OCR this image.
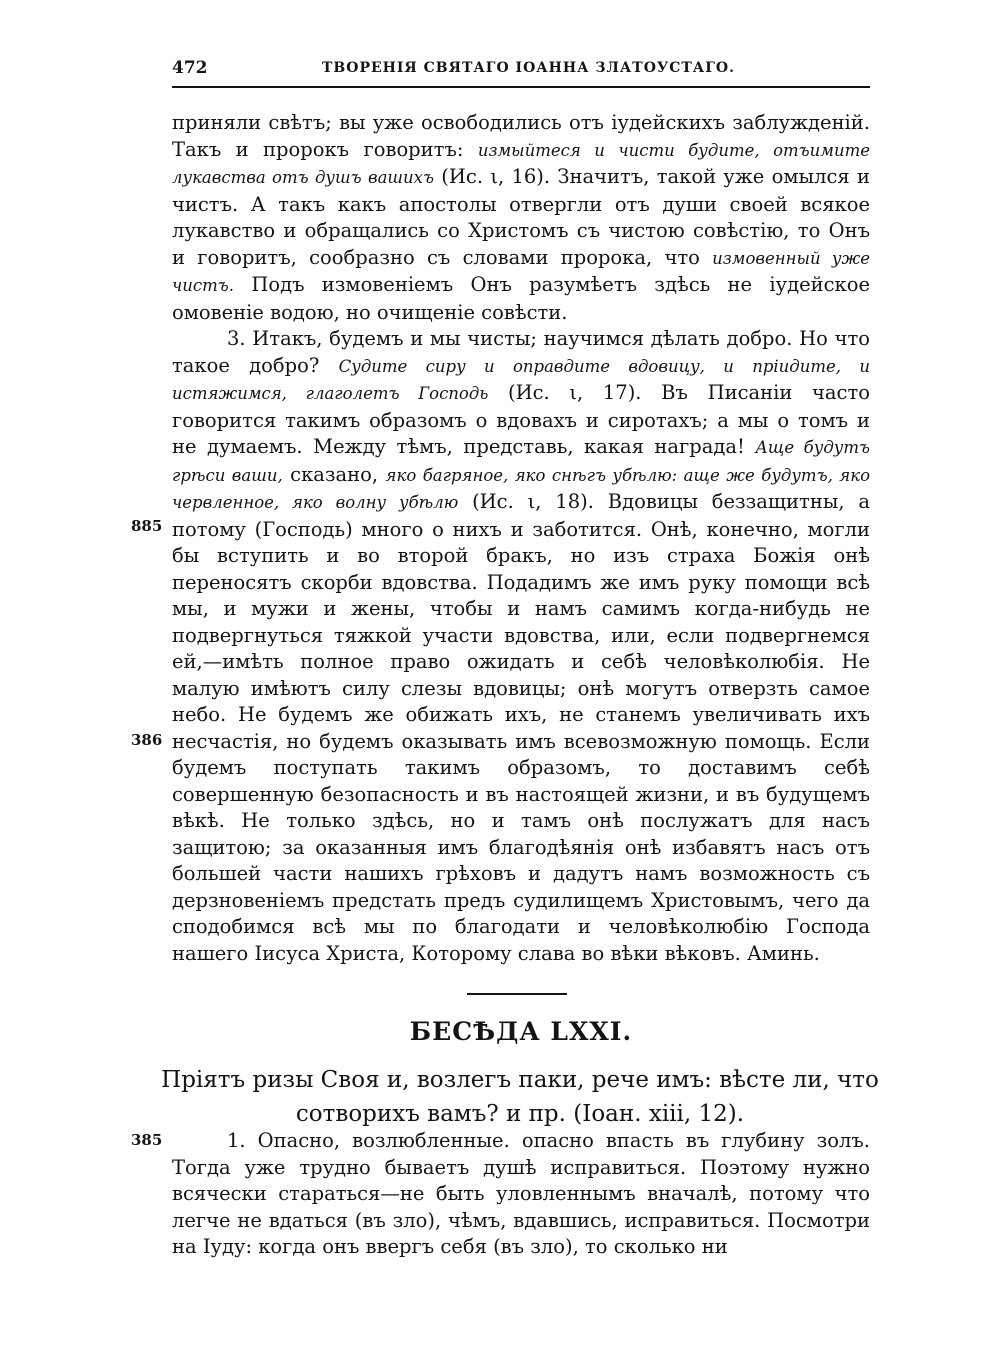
472	ТВОРЕНІЯ СВЯТАГО ІОАННА ЗЛАТОУСТАГО.

приняли свѣтъ; вы уже освободились отъ іудейскихъ заблужденій. Такъ и пророкъ говоритъ: измыйтеся и чисти будите, отъимите лукавства отъ душъ вашихъ (Ис. ι, 16). Значитъ, такой уже омылся и чистъ. А такъ какъ апостолы отвергли отъ души своей всякое лукавство и обращались со Христомъ съ чистою совѣстію, то Онъ и говоритъ, сообразно съ словами пророка, что измовенный уже чистъ. Подъ измовеніемъ Онъ разумѣетъ здѣсь не іудейское омовеніе водою, но очищеніе совѣсти.

3. Итакъ, будемъ и мы чисты; научимся дѣлать добро. Но что такое добро? Судите сиру и оправдите вдовицу, и пріидите, и истяжимся, глаголетъ Господь (Ис. ι, 17). Въ Писаніи часто говорится такимъ образомъ о вдовахъ и сиротахъ; а мы о томъ и не думаемъ. Между тѣмъ, представь, какая награда! Аще будутъ грѣси ваши, сказано, яко багряное, яко снѣгъ убѣлю: аще же будутъ, яко червленное, яко волну убѣлю (Ис. ι, 18). Вдовицы беззащитны, а потому (Господь) много о нихъ и заботится. Онѣ, конечно, могли бы вступить и во второй бракъ, но изъ страха Божія онѣ переносятъ скорби вдовства. Подадимъ же имъ руку помощи всѣ мы, и мужи и жены, чтобы и намъ самимъ когда-нибудь не подвергнуться тяжкой участи вдовства, или, если подвергнемся ей,—имѣть полное право ожидать и себѣ человѣколюбія. Не малую имѣютъ силу слезы вдовицы; онѣ могутъ отверзть самое небо. Не будемъ же обижать ихъ, не станемъ увеличивать ихъ несчастія, но будемъ оказывать имъ всевозможную помощь. Если будемъ поступать такимъ образомъ, то доставимъ себѣ совершенную безопасность и въ настоящей жизни, и въ будущемъ вѣкѣ. Не только здѣсь, но и тамъ онѣ послужатъ для насъ защитою; за оказанныя имъ благодѣянія онѣ избавятъ насъ отъ большей части нашихъ грѣховъ и дадутъ намъ возможность съ дерзновеніемъ предстать предъ судилищемъ Христовымъ, чего да сподобимся всѣ мы по благодати и человѣколюбію Господа нашего Іисуса Христа, Которому слава во вѣки вѣковъ. Аминь.

885
386
385
БЕСѢДА LXXI.
Пріятъ ризы Своя и, возлегъ паки, рече имъ: вѣсте ли, что сотворихъ вамъ? и пр. (Іоан. xiii, 12).

1. Опасно, возлюбленные. опасно впасть въ глубину золъ. Тогда уже трудно бываетъ душѣ исправиться. Поэтому нужно всячески стараться—не быть уловленнымъ вначалѣ, потому что легче не вдаться (въ зло), чѣмъ, вдавшись, исправиться. Посмотри на Іуду: когда онъ ввергъ себя (въ зло), то сколько ни
